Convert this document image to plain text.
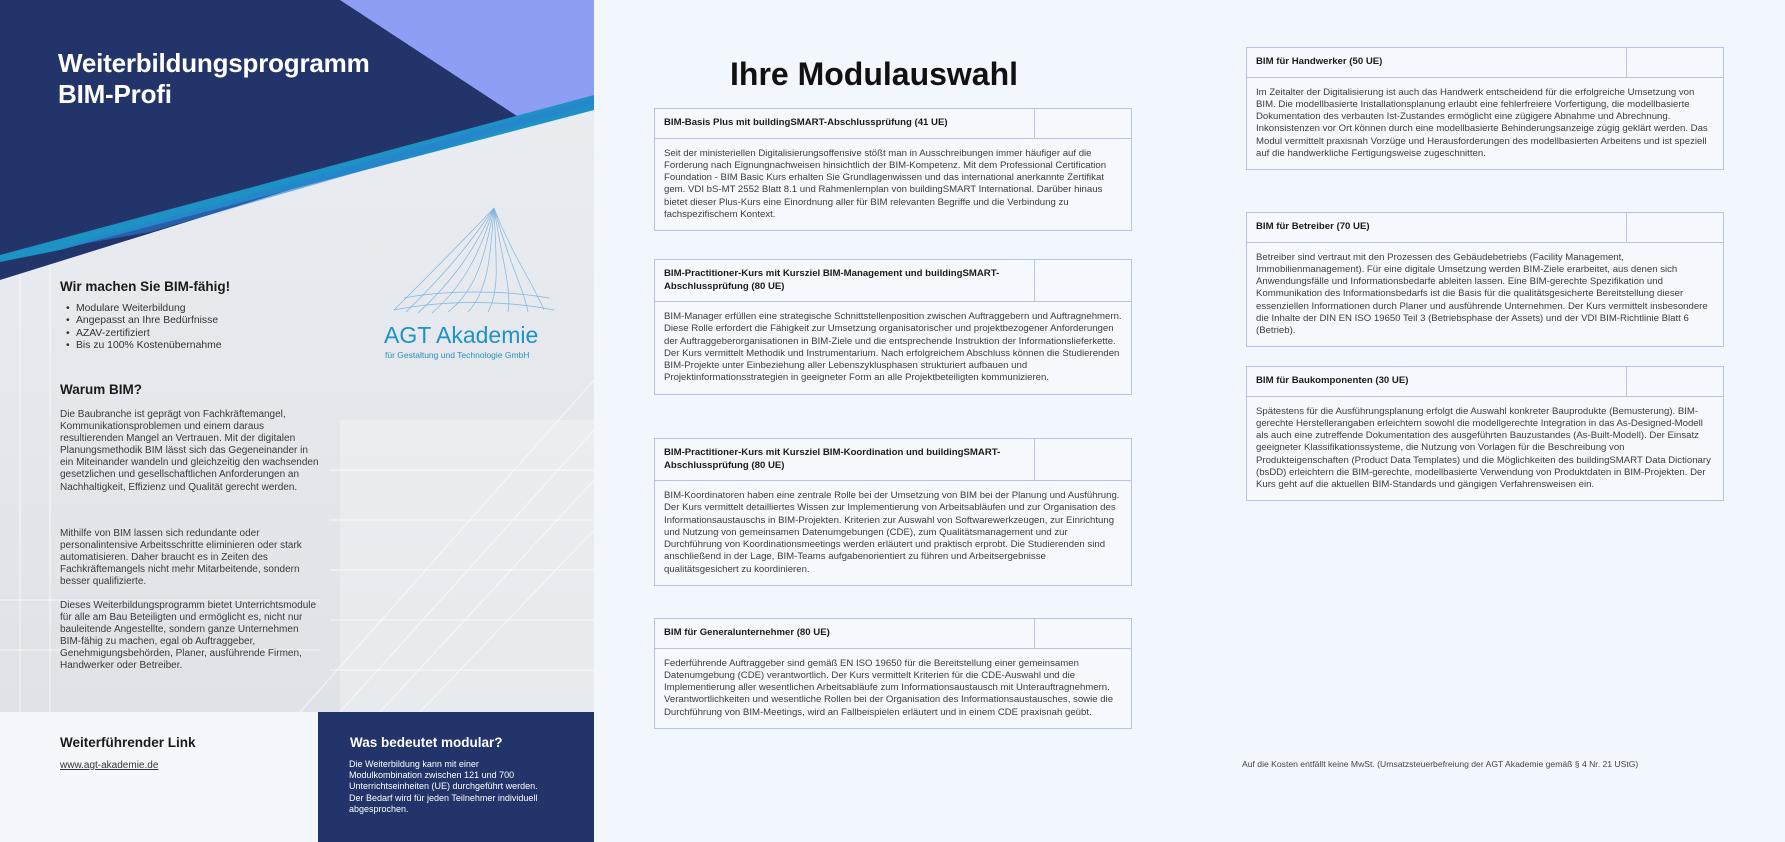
Weiterbildungsprogramm
BIM-Profi
AGT Akademie
für Gestaltung und Technologie GmbH
Wir machen Sie BIM-fähig!
• Modulare Weiterbildung
• Angepasst an Ihre Bedürfnisse
• AZAV-zertifiziert
• Bis zu 100% Kostenübernahme
Warum BIM?

Die Baubranche ist geprägt von Fachkräftemangel, Kommunikationsproblemen und einem daraus resultierenden Mangel an Vertrauen. Mit der digitalen Planungsmethodik BIM lässt sich das Gegeneinander in ein Miteinander wandeln und gleichzeitig den wachsenden gesetzlichen und gesellschaftlichen Anforderungen an Nachhaltigkeit, Effizienz und Qualität gerecht werden.

Mithilfe von BIM lassen sich redundante oder personalintensive Arbeitsschritte eliminieren oder stark automatisieren. Daher braucht es in Zeiten des Fachkräftemangels nicht mehr Mitarbeitende, sondern besser qualifizierte.

Dieses Weiterbildungsprogramm bietet Unterrichtsmodule für alle am Bau Beteiligten und ermöglicht es, nicht nur bauleitende Angestellte, sondern ganze Unternehmen BIM-fähig zu machen, egal ob Auftraggeber, Genehmigungsbehörden, Planer, ausführende Firmen, Handwerker oder Betreiber.

Weiterführender Link
www.agt-akademie.de
Was bedeutet modular?

Die Weiterbildung kann mit einer Modulkombination zwischen 121 und 700 Unterrichtseinheiten (UE) durchgeführt werden. Der Bedarf wird für jeden Teilnehmer individuell abgesprochen.

Ihre Modulauswahl
BIM-Basis Plus mit buildingSMART-Abschlussprüfung (41 UE)
Seit der ministeriellen Digitalisierungsoffensive stößt man in Ausschreibungen immer häufiger auf die Forderung nach Eignungnachweisen hinsichtlich der BIM-Kompetenz. Mit dem Professional Certification Foundation - BIM Basic Kurs erhalten Sie Grundlagenwissen und das international anerkannte Zertifikat gem. VDI bS-MT 2552 Blatt 8.1 und Rahmenlernplan von buildingSMART International. Darüber hinaus bietet dieser Plus-Kurs eine Einordnung aller für BIM relevanten Begriffe und die Verbindung zu fachspezifischem Kontext.
BIM-Practitioner-Kurs mit Kursziel BIM-Management und buildingSMART-Abschlussprüfung (80 UE)
BIM-Manager erfüllen eine strategische Schnittstellenposition zwischen Auftraggebern und Auftragnehmern. Diese Rolle erfordert die Fähigkeit zur Umsetzung organisatorischer und projektbezogener Anforderungen der Auftraggeberorganisationen in BIM-Ziele und die entsprechende Instruktion der Informationslieferkette. Der Kurs vermittelt Methodik und Instrumentarium. Nach erfolgreichem Abschluss können die Studierenden BIM-Projekte unter Einbeziehung aller Lebenszyklusphasen strukturiert aufbauen und Projektinformationsstrategien in geeigneter Form an alle Projektbeteiligten kommunizieren.
BIM-Practitioner-Kurs mit Kursziel BIM-Koordination und buildingSMART-Abschlussprüfung (80 UE)
BIM-Koordinatoren haben eine zentrale Rolle bei der Umsetzung von BIM bei der Planung und Ausführung. Der Kurs vermittelt detailliertes Wissen zur Implementierung von Arbeitsabläufen und zur Organisation des Informationsaustauschs in BIM-Projekten. Kriterien zur Auswahl von Softwarewerkzeugen, zur Einrichtung und Nutzung von gemeinsamen Datenumgebungen (CDE), zum Qualitätsmanagement und zur Durchführung von Koordinationsmeetings werden erläutert und praktisch erprobt. Die Studierenden sind anschließend in der Lage, BIM-Teams aufgabenorientiert zu führen und Arbeitsergebnisse qualitätsgesichert zu koordinieren.
BIM für Generalunternehmer (80 UE)
Federführende Auftraggeber sind gemäß EN ISO 19650 für die Bereitstellung einer gemeinsamen Datenumgebung (CDE) verantwortlich. Der Kurs vermittelt Kriterien für die CDE-Auswahl und die Implementierung aller wesentlichen Arbeitsabläufe zum Informationsaustausch mit Unterauftragnehmern. Verantwortlichkeiten und wesentliche Rollen bei der Organisation des Informationsaustausches, sowie die Durchführung von BIM-Meetings, wird an Fallbeispielen erläutert und in einem CDE praxisnah geübt.
BIM für Handwerker (50 UE)
Im Zeitalter der Digitalisierung ist auch das Handwerk entscheidend für die erfolgreiche Umsetzung von BIM. Die modellbasierte Installationsplanung erlaubt eine fehlerfreiere Vorfertigung, die modellbasierte Dokumentation des verbauten Ist-Zustandes ermöglicht eine zügigere Abnahme und Abrechnung. Inkonsistenzen vor Ort können durch eine modellbasierte Behinderungsanzeige zügig geklärt werden. Das Modul vermittelt praxisnah Vorzüge und Herausforderungen des modellbasierten Arbeitens und ist speziell auf die handwerkliche Fertigungsweise zugeschnitten.
BIM für Betreiber (70 UE)
Betreiber sind vertraut mit den Prozessen des Gebäudebetriebs (Facility Management, Immobilienmanagement). Für eine digitale Umsetzung werden BIM-Ziele erarbeitet, aus denen sich Anwendungsfälle und Informationsbedarfe ableiten lassen. Eine BIM-gerechte Spezifikation und Kommunikation des Informationsbedarfs ist die Basis für die qualitätsgesicherte Bereitstellung dieser essenziellen Informationen durch Planer und ausführende Unternehmen. Der Kurs vermittelt insbesondere die Inhalte der DIN EN ISO 19650 Teil 3 (Betriebsphase der Assets) und der VDI BIM-Richtlinie Blatt 6 (Betrieb).
BIM für Baukomponenten (30 UE)
Spätestens für die Ausführungsplanung erfolgt die Auswahl konkreter Bauprodukte (Bemusterung). BIM-gerechte Herstellerangaben erleichtern sowohl die modellgerechte Integration in das As-Designed-Modell als auch eine zutreffende Dokumentation des ausgeführten Bauzustandes (As-Built-Modell). Der Einsatz geeigneter Klassifikationssysteme, die Nutzung von Vorlagen für die Beschreibung von Produkteigenschaften (Product Data Templates) und die Möglichkeiten des buildingSMART Data Dictionary (bsDD) erleichtern die BIM-gerechte, modellbasierte Verwendung von Produktdaten in BIM-Projekten. Der Kurs geht auf die aktuellen BIM-Standards und gängigen Verfahrensweisen ein.
Auf die Kosten entfällt keine MwSt. (Umsatzsteuerbefreiung der AGT Akademie gemäß § 4 Nr. 21 UStG)
